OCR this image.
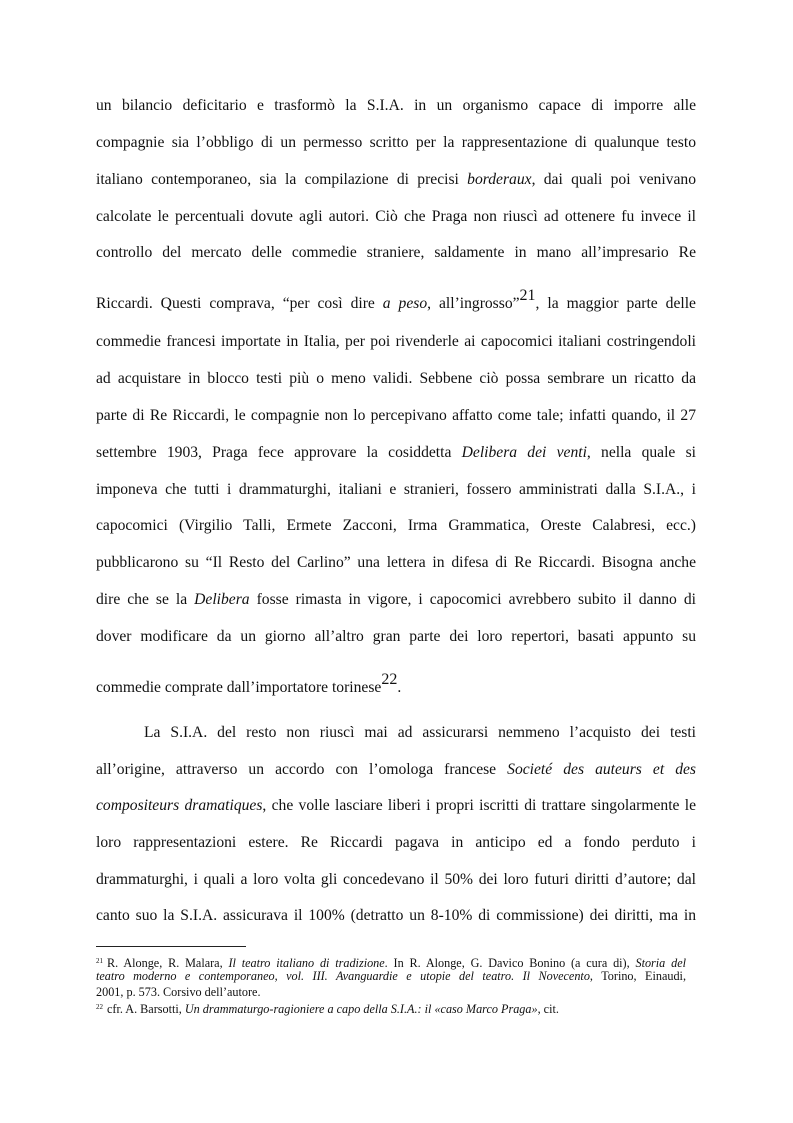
un bilancio deficitario e trasformò la S.I.A. in un organismo capace di imporre alle
compagnie sia l’obbligo di un permesso scritto per la rappresentazione di qualunque testo
italiano contemporaneo, sia la compilazione di precisi borderaux, dai quali poi venivano
calcolate le percentuali dovute agli autori. Ciò che Praga non riuscì ad ottenere fu invece il
controllo del mercato delle commedie straniere, saldamente in mano all’impresario Re
Riccardi. Questi comprava, “per così dire a peso, all’ingrosso”21, la maggior parte delle
commedie francesi importate in Italia, per poi rivenderle ai capocomici italiani costringendoli
ad acquistare in blocco testi più o meno validi. Sebbene ciò possa sembrare un ricatto da
parte di Re Riccardi, le compagnie non lo percepivano affatto come tale; infatti quando, il 27
settembre 1903, Praga fece approvare la cosiddetta Delibera dei venti, nella quale si
imponeva che tutti i drammaturghi, italiani e stranieri, fossero amministrati dalla S.I.A., i
capocomici (Virgilio Talli, Ermete Zacconi, Irma Grammatica, Oreste Calabresi, ecc.)
pubblicarono su “Il Resto del Carlino” una lettera in difesa di Re Riccardi. Bisogna anche
dire che se la Delibera fosse rimasta in vigore, i capocomici avrebbero subito il danno di
dover modificare da un giorno all’altro gran parte dei loro repertori, basati appunto su
commedie comprate dall’importatore torinese22.
La S.I.A. del resto non riuscì mai ad assicurarsi nemmeno l’acquisto dei testi
all’origine, attraverso un accordo con l’omologa francese Societé des auteurs et des
compositeurs dramatiques, che volle lasciare liberi i propri iscritti di trattare singolarmente le
loro rappresentazioni estere. Re Riccardi pagava in anticipo ed a fondo perduto i
drammaturghi, i quali a loro volta gli concedevano il 50% dei loro futuri diritti d’autore; dal
canto suo la S.I.A. assicurava il 100% (detratto un 8-10% di commissione) dei diritti, ma in
$^{21}$ R. Alonge, R. Malara, Il teatro italiano di tradizione. In R. Alonge, G. Davico Bonino (a cura di), Storia del
teatro moderno e contemporaneo, vol. III. Avanguardie e utopie del teatro. Il Novecento, Torino, Einaudi,
2001, p. 573. Corsivo dell’autore.
$^{22}$ cfr. A. Barsotti, Un drammaturgo-ragioniere a capo della S.I.A.: il «caso Marco Praga», cit.
